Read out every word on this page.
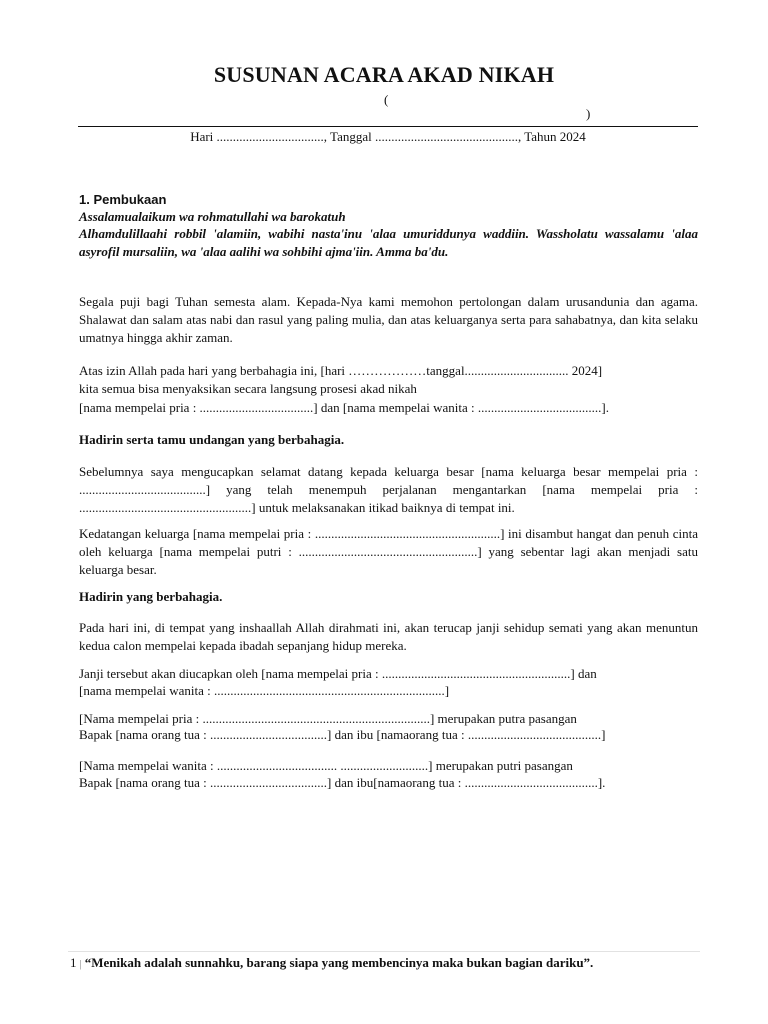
SUSUNAN ACARA AKAD NIKAH
(
)
Hari ................................., Tanggal ............................................, Tahun 2024
1. Pembukaan
Assalamualaikum wa rohmatullahi wa barokatuh
Alhamdulillaahi robbil 'alamiin, wabihi nasta'inu 'alaa umuriddunya waddiin. Wassholatu wassalamu 'alaa asyrofil mursaliin, wa 'alaa aalihi wa sohbihi ajma'iin. Amma ba'du.
Segala puji bagi Tuhan semesta alam. Kepada-Nya kami memohon pertolongan dalam urusandunia dan agama. Shalawat dan salam atas nabi dan rasul yang paling mulia, dan atas keluarganya serta para sahabatnya, dan kita selaku umatnya hingga akhir zaman.
Atas izin Allah pada hari yang berbahagia ini, [hari ………………tanggal................................ 2024]
kita semua bisa menyaksikan secara langsung prosesi akad nikah
[nama mempelai pria : ...................................] dan [nama mempelai wanita : ......................................].
Hadirin serta tamu undangan yang berbahagia.
Sebelumnya saya mengucapkan selamat datang kepada keluarga besar [nama keluarga besar mempelai pria : .......................................] yang telah menempuh perjalanan mengantarkan [nama mempelai pria : .....................................................] untuk melaksanakan itikad baiknya di tempat ini.
Kedatangan keluarga [nama mempelai pria : .........................................................] ini disambut hangat dan penuh cinta oleh keluarga [nama mempelai putri : .......................................................] yang sebentar lagi akan menjadi satu keluarga besar.
Hadirin yang berbahagia.
Pada hari ini, di tempat yang inshaallah Allah dirahmati ini, akan terucap janji sehidup semati yang akan menuntun kedua calon mempelai kepada ibadah sepanjang hidup mereka.
Janji tersebut akan diucapkan oleh [nama mempelai pria : ..........................................................] dan
[nama mempelai wanita : .......................................................................]
[Nama mempelai pria : ......................................................................] merupakan putra pasangan
Bapak [nama orang tua : ....................................] dan ibu [namaorang tua : .........................................]
[Nama mempelai wanita : ..................................... ...........................] merupakan putri pasangan
Bapak [nama orang tua : ....................................] dan ibu[namaorang tua : .........................................].
1 | “Menikah adalah sunnahku, barang siapa yang membencinya maka bukan bagian dariku”.
